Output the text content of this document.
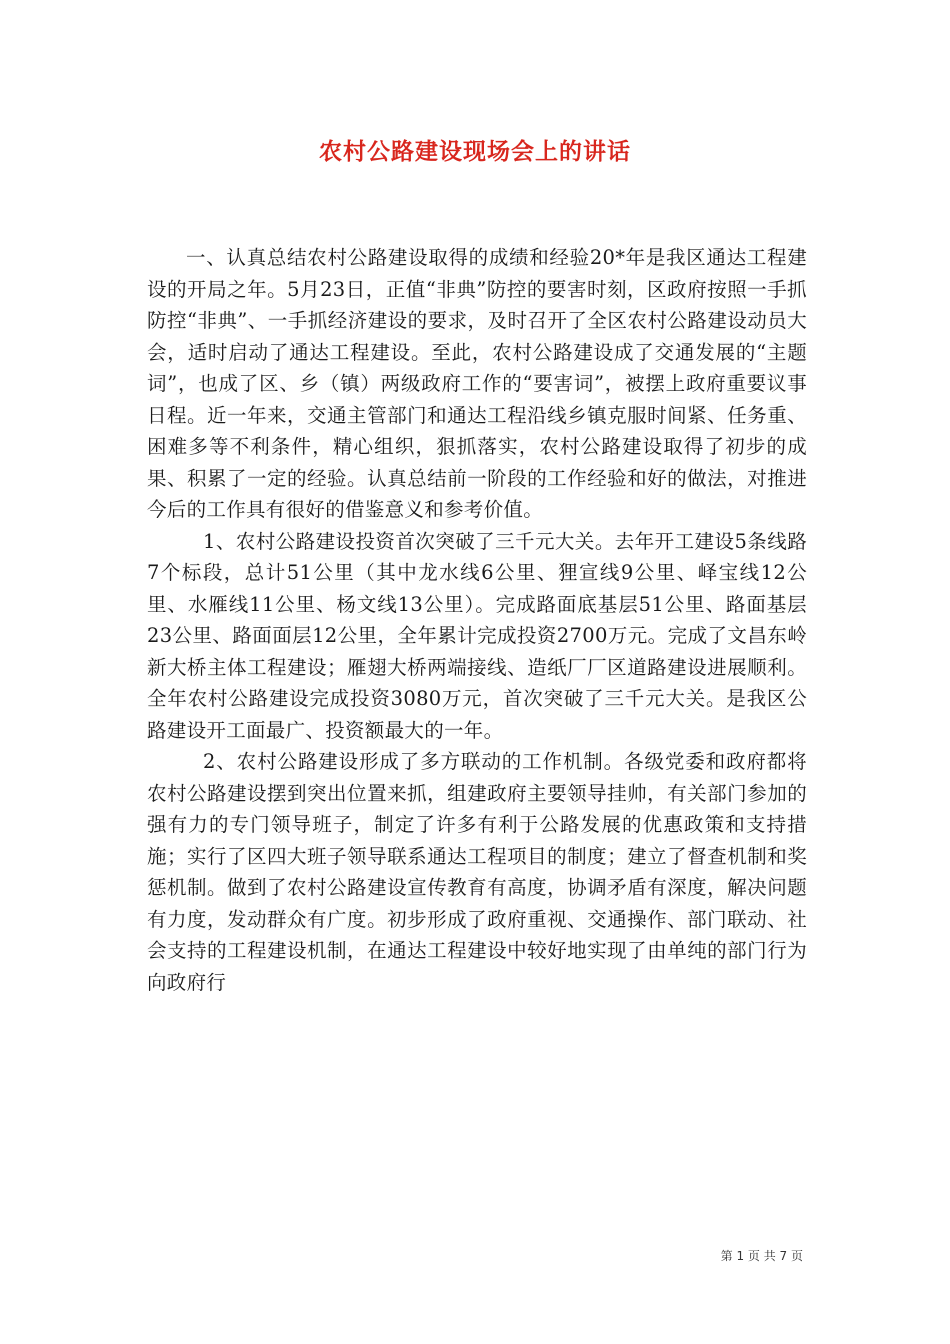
农村公路建设现场会上的讲话

一、认真总结农村公路建设取得的成绩和经验20*年是我区通达工程建设的开局之年。5月23日，正值“非典”防控的要害时刻，区政府按照一手抓防控“非典”、一手抓经济建设的要求，及时召开了全区农村公路建设动员大会，适时启动了通达工程建设。至此，农村公路建设成了交通发展的“主题词”，也成了区、乡（镇）两级政府工作的“要害词”，被摆上政府重要议事日程。近一年来，交通主管部门和通达工程沿线乡镇克服时间紧、任务重、困难多等不利条件，精心组织，狠抓落实，农村公路建设取得了初步的成果、积累了一定的经验。认真总结前一阶段的工作经验和好的做法，对推进今后的工作具有很好的借鉴意义和参考价值。

1、农村公路建设投资首次突破了三千元大关。去年开工建设5条线路7个标段，总计51公里（其中龙水线6公里、狸宣线9公里、峄宝线12公里、水雁线11公里、杨文线13公里）。完成路面底基层51公里、路面基层23公里、路面面层12公里，全年累计完成投资2700万元。完成了文昌东岭新大桥主体工程建设；雁翅大桥两端接线、造纸厂厂区道路建设进展顺利。全年农村公路建设完成投资3080万元，首次突破了三千元大关。是我区公路建设开工面最广、投资额最大的一年。

2、农村公路建设形成了多方联动的工作机制。各级党委和政府都将农村公路建设摆到突出位置来抓，组建政府主要领导挂帅，有关部门参加的强有力的专门领导班子，制定了许多有利于公路发展的优惠政策和支持措施；实行了区四大班子领导联系通达工程项目的制度；建立了督查机制和奖惩机制。做到了农村公路建设宣传教育有高度，协调矛盾有深度，解决问题有力度，发动群众有广度。初步形成了政府重视、交通操作、部门联动、社会支持的工程建设机制，在通达工程建设中较好地实现了由单纯的部门行为向政府行

第 1 页 共 7 页
